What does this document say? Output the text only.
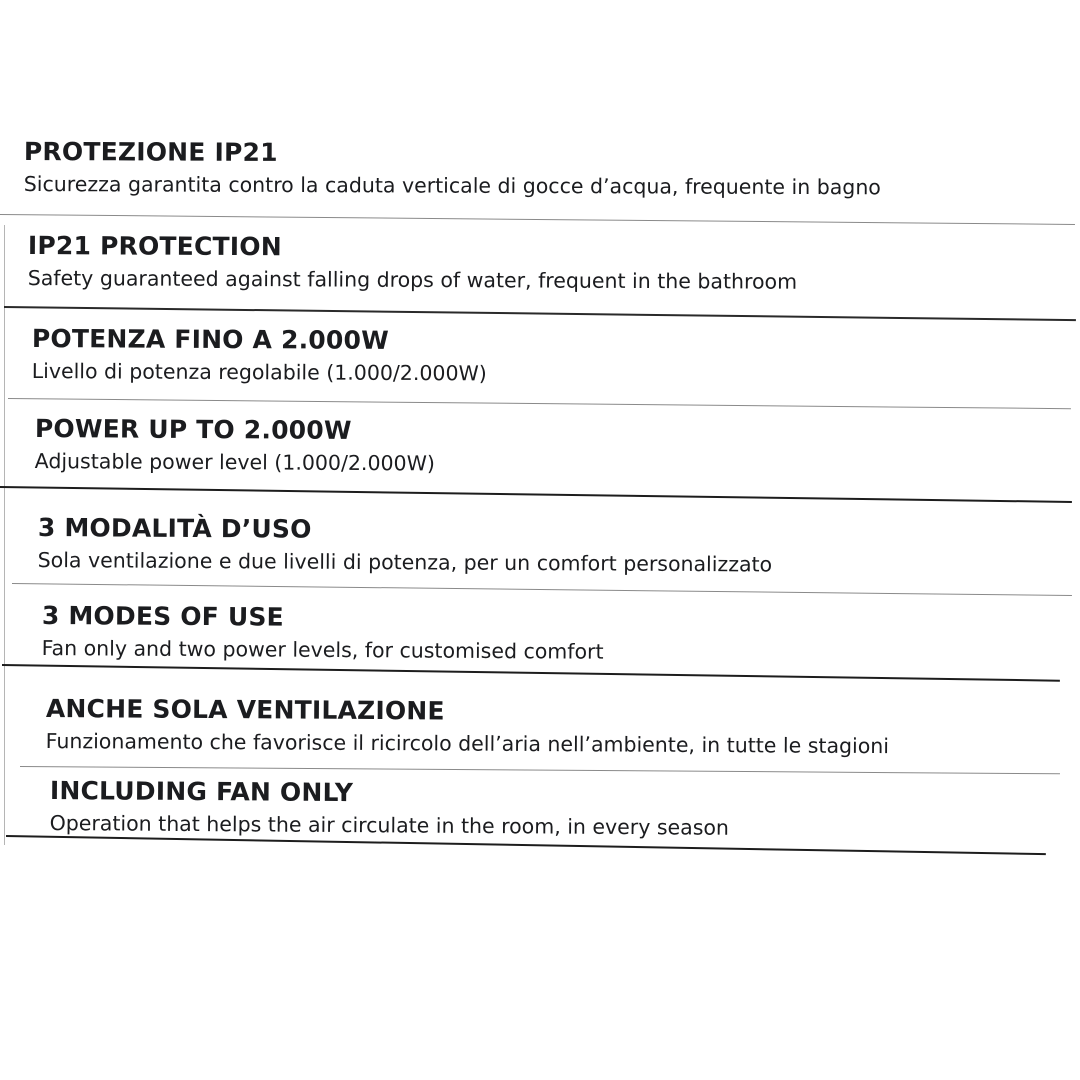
PROTEZIONE IP21
Sicurezza garantita contro la caduta verticale di gocce d’acqua, frequente in bagno
IP21 PROTECTION
Safety guaranteed against falling drops of water, frequent in the bathroom
POTENZA FINO A 2.000W
Livello di potenza regolabile (1.000/2.000W)
POWER UP TO 2.000W
Adjustable power level (1.000/2.000W)
3 MODALITÀ D’USO
Sola ventilazione e due livelli di potenza, per un comfort personalizzato
3 MODES OF USE
Fan only and two power levels, for customised comfort
ANCHE SOLA VENTILAZIONE
Funzionamento che favorisce il ricircolo dell’aria nell’ambiente, in tutte le stagioni
INCLUDING FAN ONLY
Operation that helps the air circulate in the room, in every season
